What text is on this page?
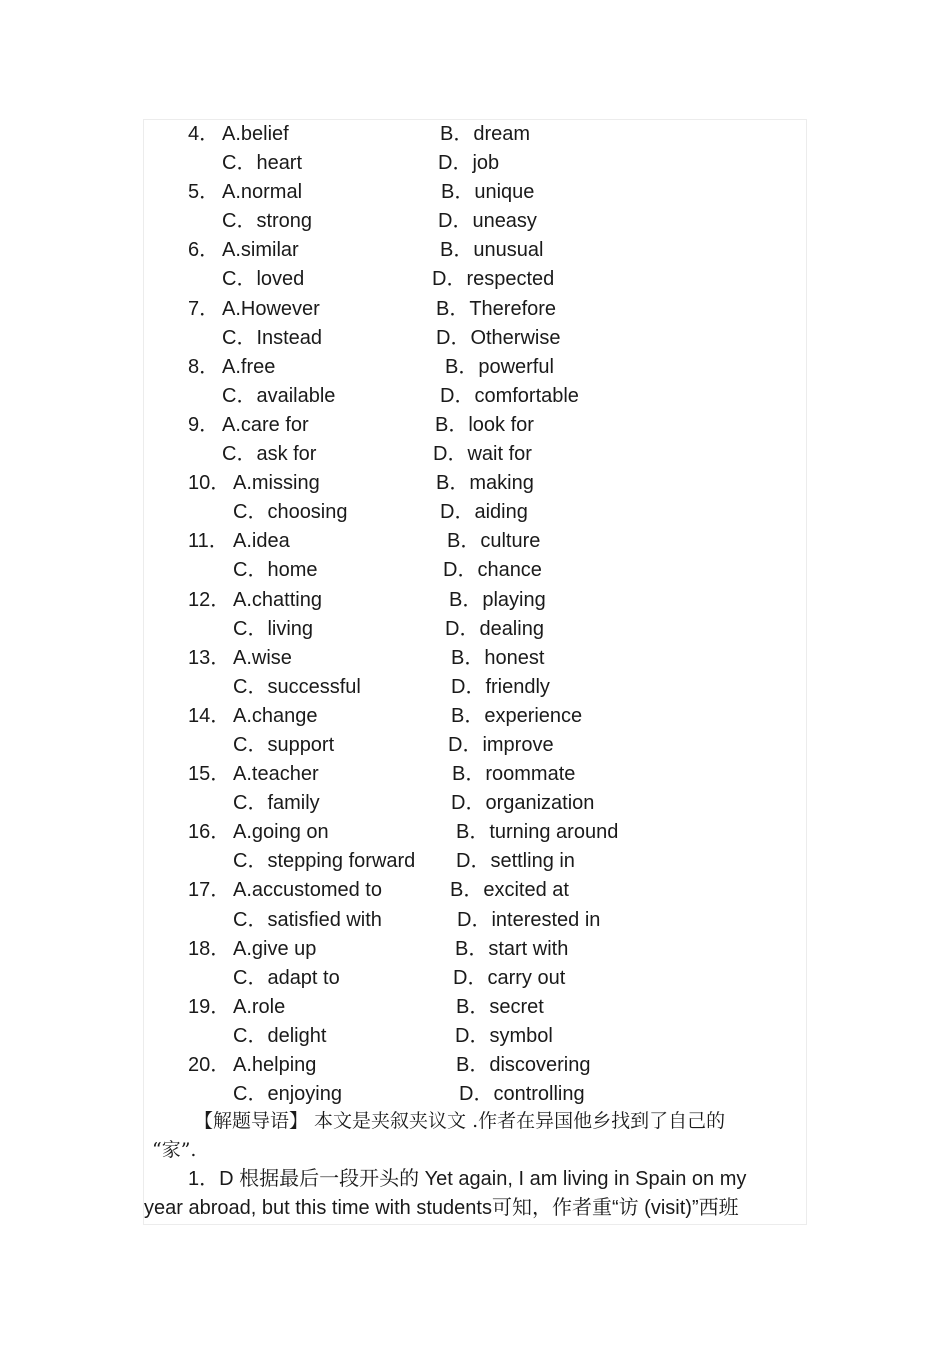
4． A.belief	B．dream
C．heart	D．job
5． A.normal	B．unique
C．strong	D．uneasy
6． A.similar	B．unusual
C．loved	D．respected
7． A.However	B．Therefore
C．Instead	D．Otherwise
8． A.free	B．powerful
C．available	D．comfortable
9． A.care for	B．look for
C．ask for	D．wait for
10． A.missing	B．making
C．choosing	D．aiding
11． A.idea	B．culture
C．home	D．chance
12． A.chatting	B．playing
C．living	D．dealing
13． A.wise	B．honest
C．successful	D．friendly
14． A.change	B．experience
C．support	D．improve
15． A.teacher	B．roommate
C．family	D．organization
16． A.going on	B．turning around
C．stepping forward D．settling in
17． A.accustomed to	B．excited at
C．satisfied with	D．interested in
18． A.give up	B．start with
C．adapt to	D．carry out
19． A.role	B．secret
C．delight	D．symbol
20． A.helping	B．discovering
C．enjoying	D．controlling
【解题导语】 本文是夹叙夹议文 .作者在异国他乡找到了自己的
“家”.
1．D 根据最后一段开头的 Yet again, I am living in Spain on my
year abroad, but this time with students可知，作者重“访 (visit)”西班
